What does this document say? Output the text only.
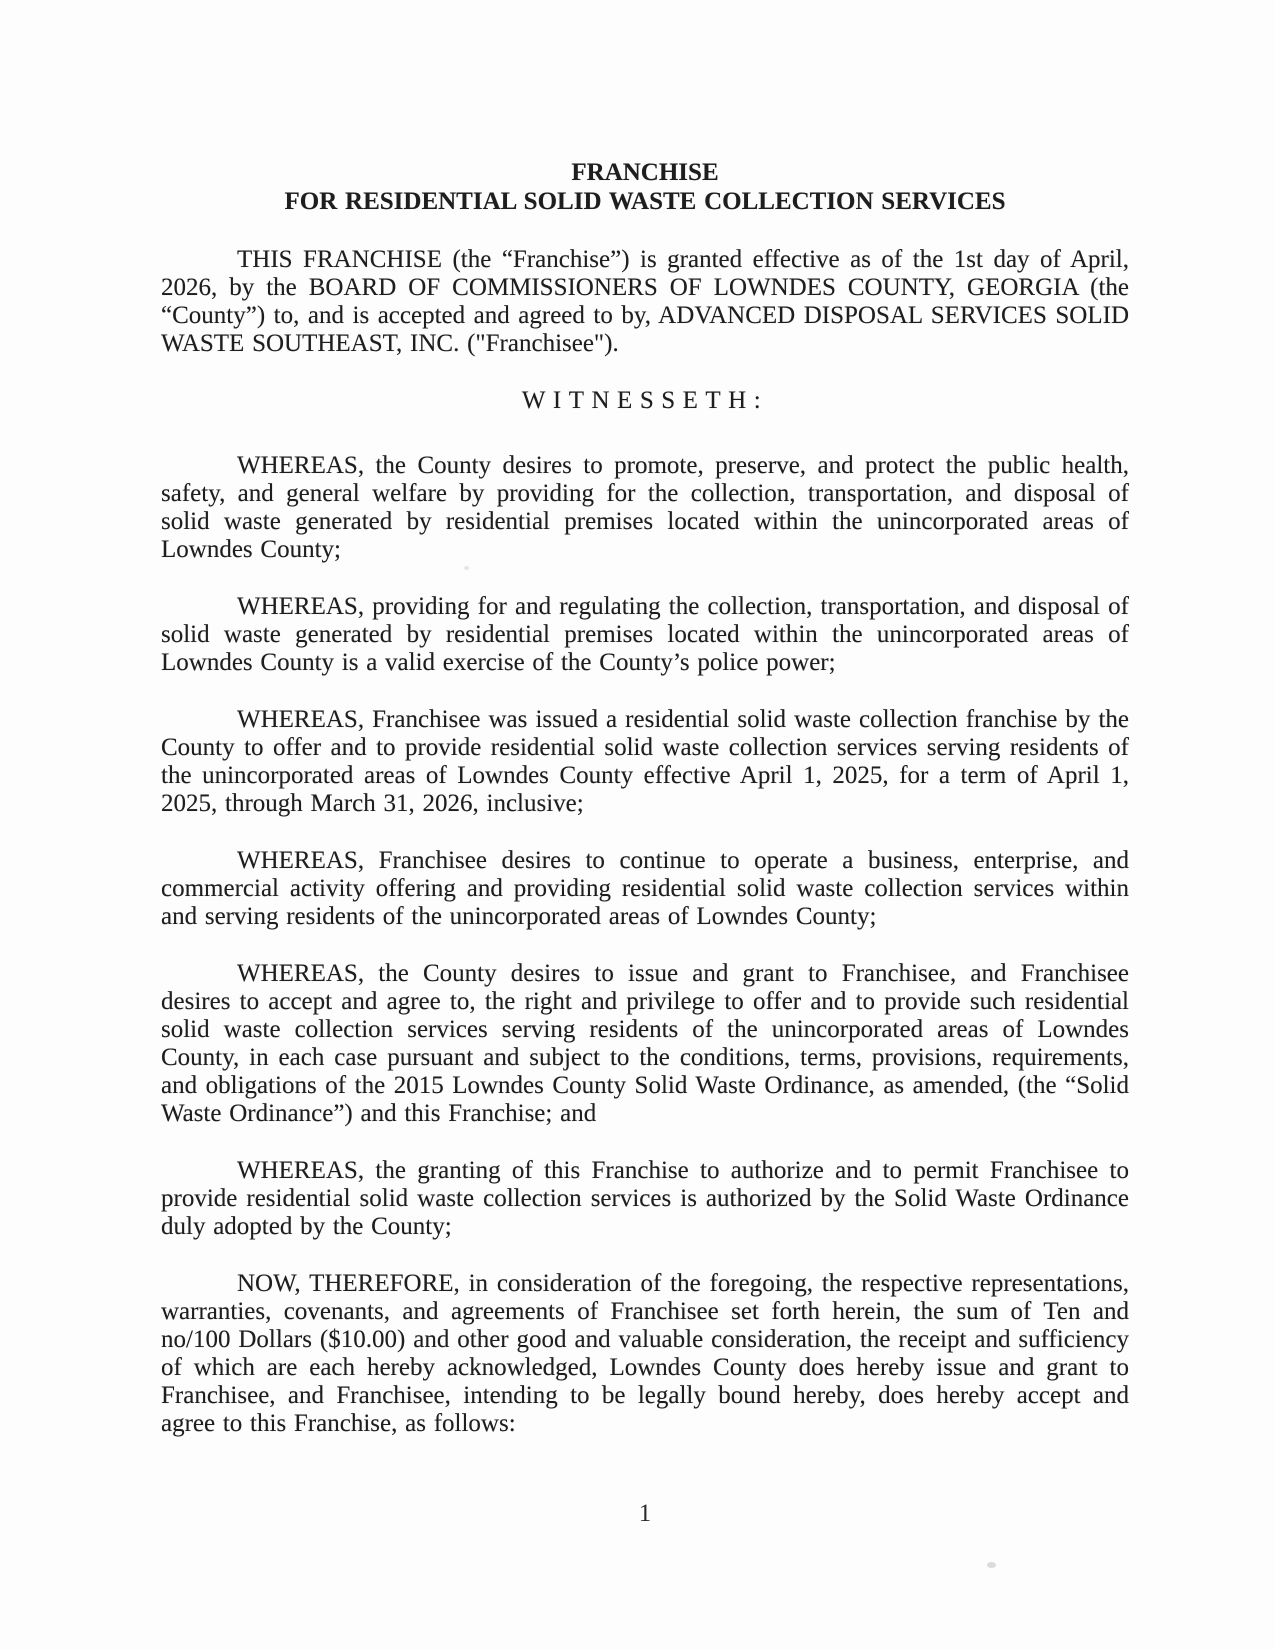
FRANCHISE
FOR RESIDENTIAL SOLID WASTE COLLECTION SERVICES

THIS FRANCHISE (the “Franchise”) is granted effective as of the 1st day of April, 2026, by the BOARD OF COMMISSIONERS OF LOWNDES COUNTY, GEORGIA (the “County”) to, and is accepted and agreed to by, ADVANCED DISPOSAL SERVICES SOLID WASTE SOUTHEAST, INC. ("Franchisee").

WITNESSETH:

WHEREAS, the County desires to promote, preserve, and protect the public health, safety, and general welfare by providing for the collection, transportation, and disposal of solid waste generated by residential premises located within the unincorporated areas of Lowndes County;

WHEREAS, providing for and regulating the collection, transportation, and disposal of solid waste generated by residential premises located within the unincorporated areas of Lowndes County is a valid exercise of the County’s police power;

WHEREAS, Franchisee was issued a residential solid waste collection franchise by the County to offer and to provide residential solid waste collection services serving residents of the unincorporated areas of Lowndes County effective April 1, 2025, for a term of April 1, 2025, through March 31, 2026, inclusive;

WHEREAS, Franchisee desires to continue to operate a business, enterprise, and commercial activity offering and providing residential solid waste collection services within and serving residents of the unincorporated areas of Lowndes County;

WHEREAS, the County desires to issue and grant to Franchisee, and Franchisee desires to accept and agree to, the right and privilege to offer and to provide such residential solid waste collection services serving residents of the unincorporated areas of Lowndes County, in each case pursuant and subject to the conditions, terms, provisions, requirements, and obligations of the 2015 Lowndes County Solid Waste Ordinance, as amended, (the “Solid Waste Ordinance”) and this Franchise; and

WHEREAS, the granting of this Franchise to authorize and to permit Franchisee to provide residential solid waste collection services is authorized by the Solid Waste Ordinance duly adopted by the County;

NOW, THEREFORE, in consideration of the foregoing, the respective representations, warranties, covenants, and agreements of Franchisee set forth herein, the sum of Ten and no/100 Dollars ($10.00) and other good and valuable consideration, the receipt and sufficiency of which are each hereby acknowledged, Lowndes County does hereby issue and grant to Franchisee, and Franchisee, intending to be legally bound hereby, does hereby accept and agree to this Franchise, as follows:

1
